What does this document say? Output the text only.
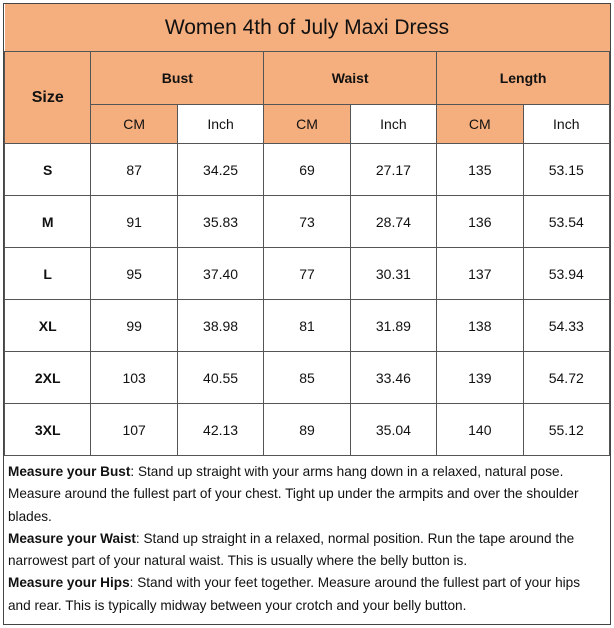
Women 4th of July Maxi Dress						
Size	Bust		Waist		Length	
	CM	Inch	CM	Inch	CM	Inch
S	87	34.25	69	27.17	135	53.15
M	91	35.83	73	28.74	136	53.54
L	95	37.40	77	30.31	137	53.94
XL	99	38.98	81	31.89	138	54.33
2XL	103	40.55	85	33.46	139	54.72
3XL	107	42.13	89	35.04	140	55.12

Measure your Bust: Stand up straight with your arms hang down in a relaxed, natural pose. Measure around the fullest part of your chest. Tight up under the armpits and over the shoulder blades.

Measure your Waist: Stand up straight in a relaxed, normal position. Run the tape around the narrowest part of your natural waist. This is usually where the belly button is.

Measure your Hips: Stand with your feet together. Measure around the fullest part of your hips and rear. This is typically midway between your crotch and your belly button.
